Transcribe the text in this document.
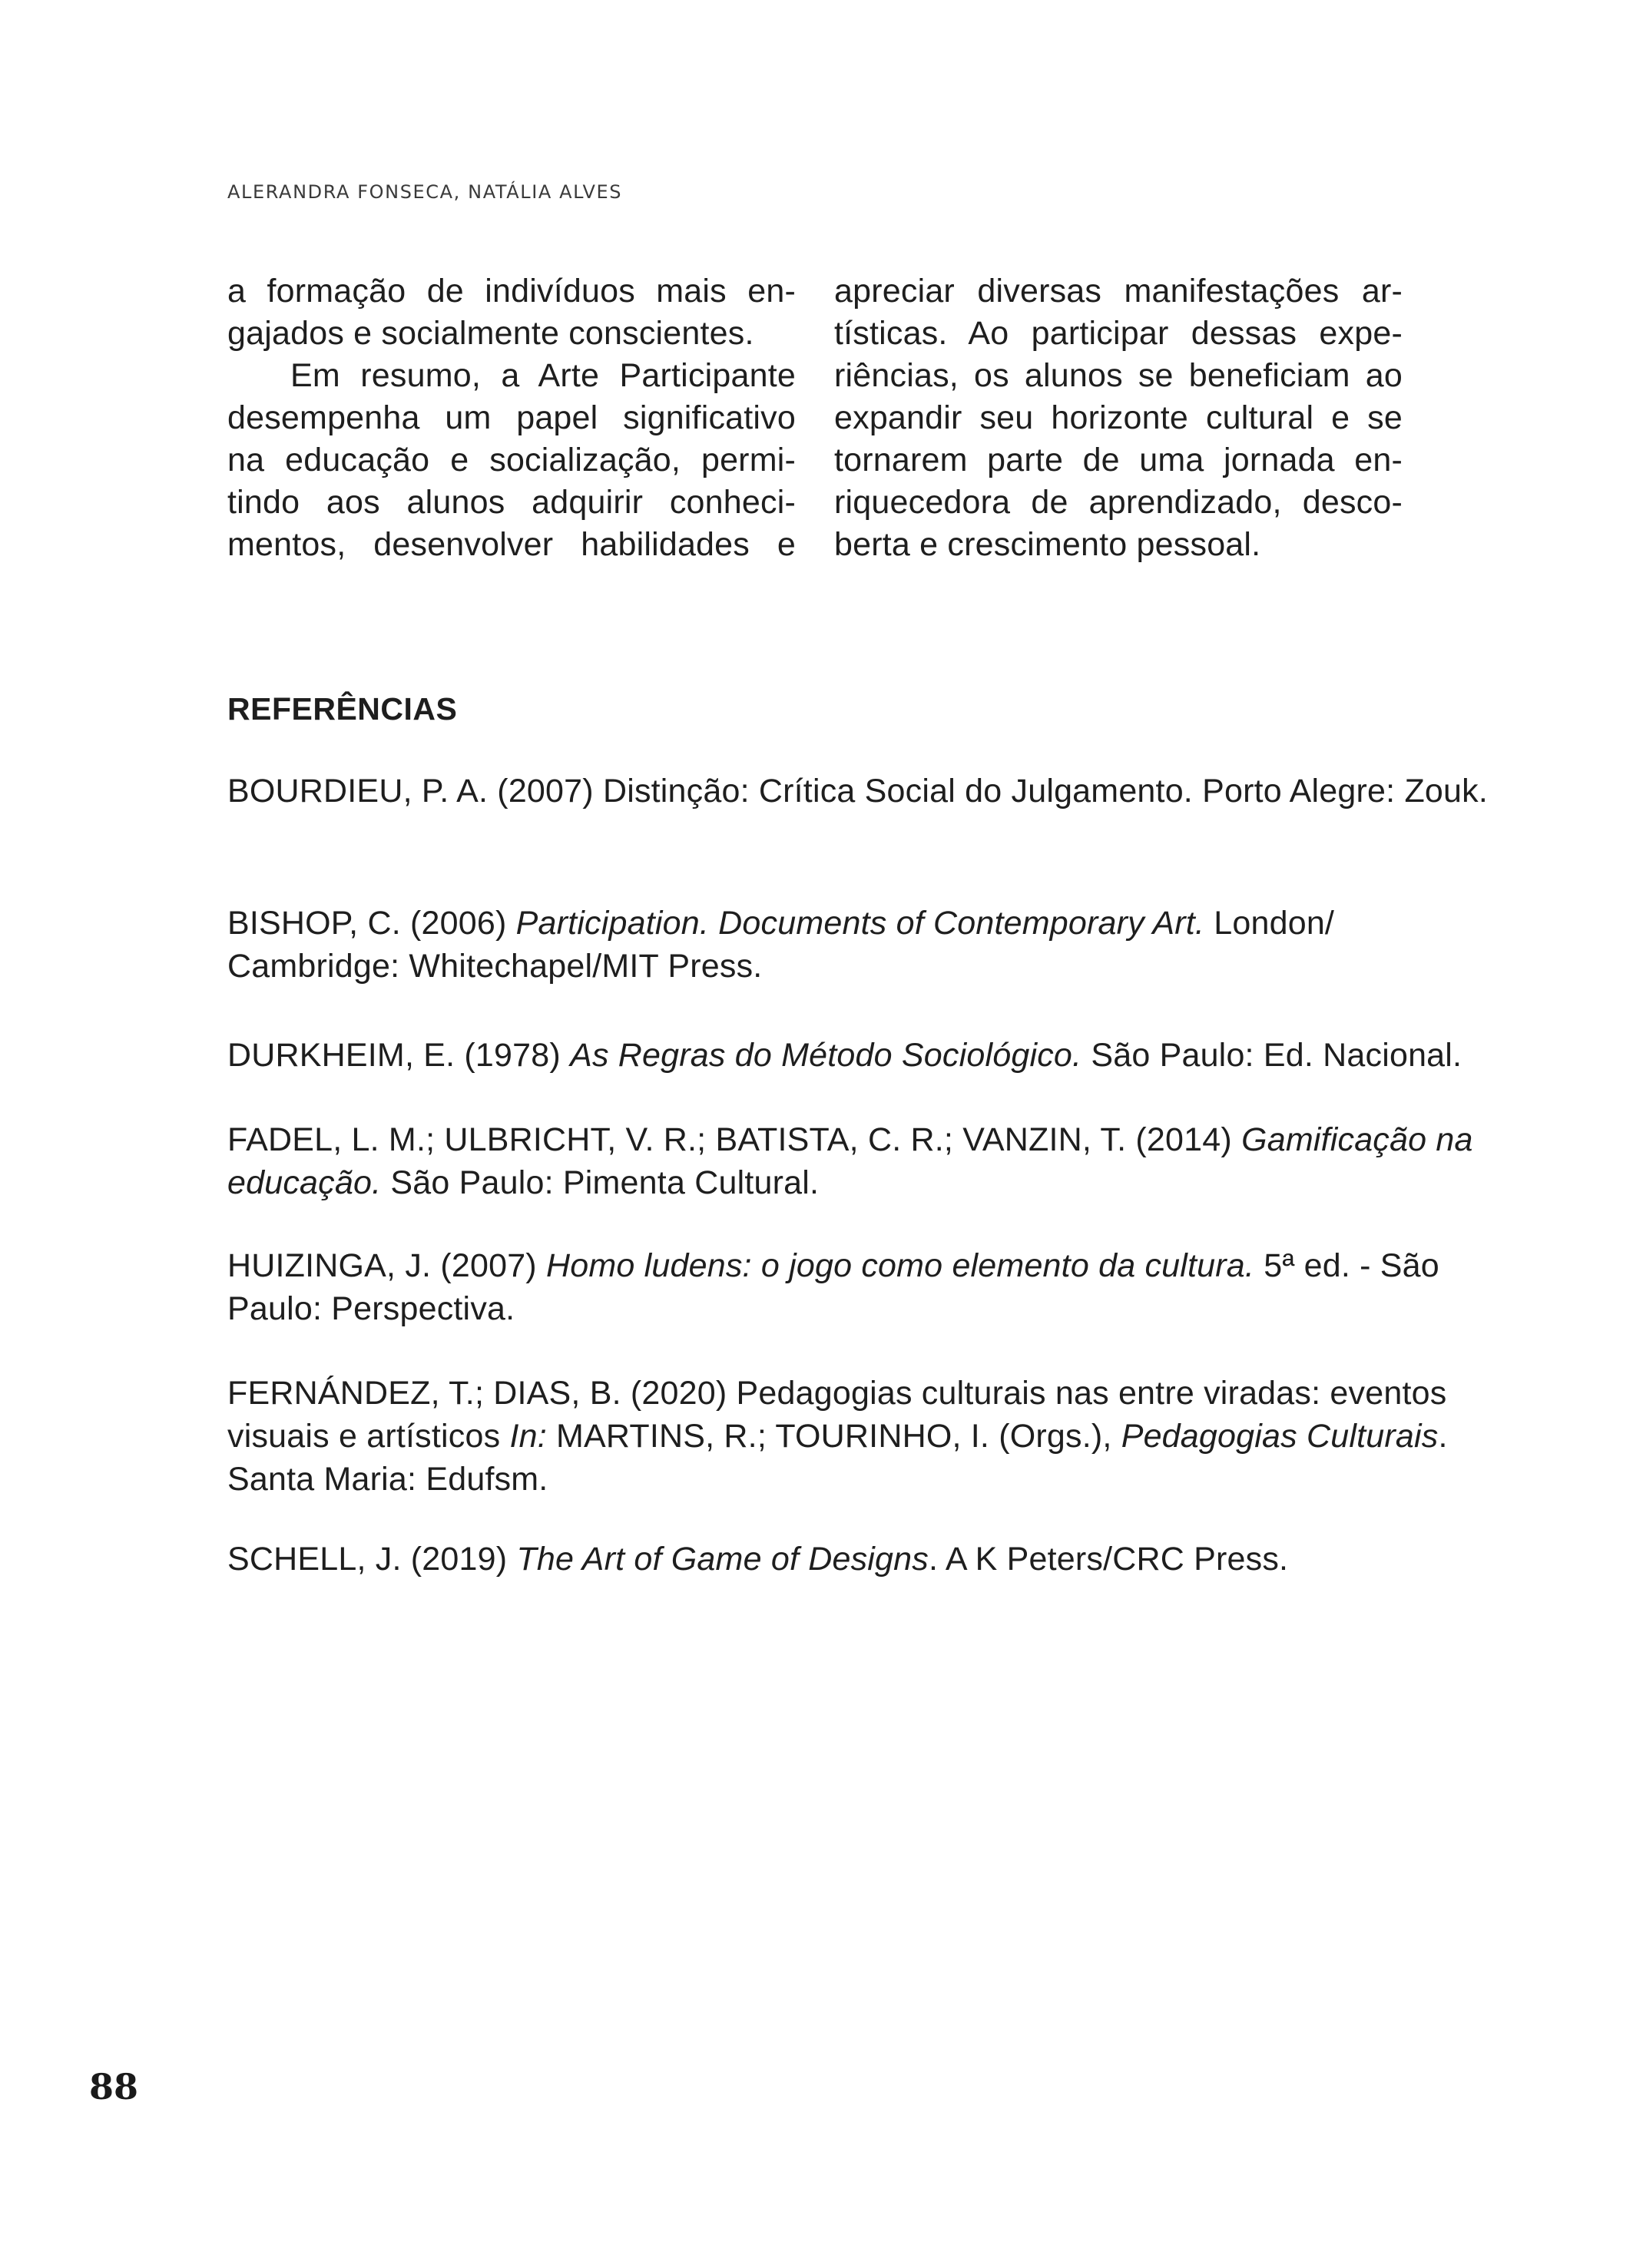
ALERANDRA FONSECA, NATÁLIA ALVES
a formação de indivíduos mais en-
gajados e socialmente conscientes.
Em resumo, a Arte Participante
desempenha um papel significativo
na educação e socialização, permi-
tindo aos alunos adquirir conheci-
mentos, desenvolver habilidades e
apreciar diversas manifestações ar-
tísticas. Ao participar dessas expe-
riências, os alunos se beneficiam ao
expandir seu horizonte cultural e se
tornarem parte de uma jornada en-
riquecedora de aprendizado, desco-
berta e crescimento pessoal.
REFERÊNCIAS
BOURDIEU, P. A. (2007) Distinção: Crítica Social do Julgamento. Porto Alegre: Zouk.
BISHOP, C. (2006) Participation. Documents of Contemporary Art. London/ Cambridge: Whitechapel/MIT Press.
DURKHEIM, E. (1978) As Regras do Método Sociológico. São Paulo: Ed. Nacional.
FADEL, L. M.; ULBRICHT, V. R.; BATISTA, C. R.; VANZIN, T. (2014) Gamificação na educação. São Paulo: Pimenta Cultural.
HUIZINGA, J. (2007) Homo ludens: o jogo como elemento da cultura. 5ª ed. - São Paulo: Perspectiva.
FERNÁNDEZ, T.; DIAS, B. (2020) Pedagogias culturais nas entre viradas: eventos visuais e artísticos In: MARTINS, R.; TOURINHO, I. (Orgs.), Pedagogias Culturais. Santa Maria: Edufsm.
SCHELL, J. (2019) The Art of Game of Designs. A K Peters/CRC Press.
88
